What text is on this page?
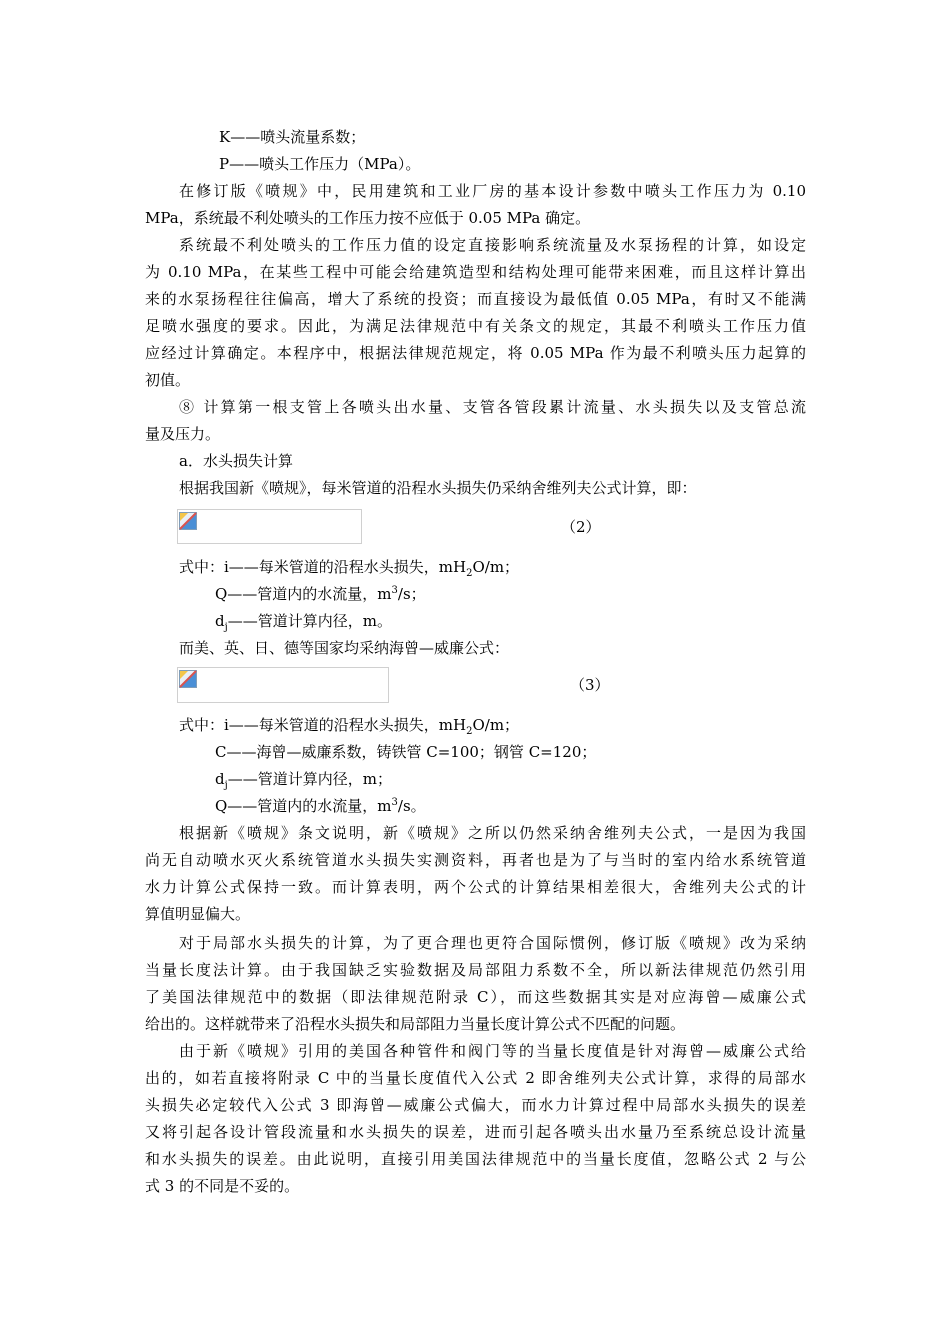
K——喷头流量系数；
P——喷头工作压力（MPa）。
在修订版《喷规》中，民用建筑和工业厂房的基本设计参数中喷头工作压力为 0.10
MPa，系统最不利处喷头的工作压力按不应低于 0.05 MPa 确定。
系统最不利处喷头的工作压力值的设定直接影响系统流量及水泵扬程的计算，如设定
为 0.10 MPa，在某些工程中可能会给建筑造型和结构处理可能带来困难，而且这样计算出
来的水泵扬程往往偏高，增大了系统的投资；而直接设为最低值 0.05 MPa，有时又不能满
足喷水强度的要求。因此，为满足法律规范中有关条文的规定，其最不利喷头工作压力值
应经过计算确定。本程序中，根据法律规范规定，将 0.05 MPa 作为最不利喷头压力起算的
初值。
⑧ 计算第一根支管上各喷头出水量、支管各管段累计流量、水头损失以及支管总流
量及压力。
a．水头损失计算
根据我国新《喷规》，每米管道的沿程水头损失仍采纳舍维列夫公式计算，即：
（2）
式中：i——每米管道的沿程水头损失，$mH_2O/m$；
Q——管道内的水流量，$m^3/s$；
$d_j——$管道计算内径，m。
而美、英、日、德等国家均采纳海曾—威廉公式：
（3）
式中：i——每米管道的沿程水头损失，$mH_2O/m$；
C——海曾—威廉系数，铸铁管 C=100；钢管 C=120；
$d_j——$管道计算内径，m；
Q——管道内的水流量，$m^3/s$。
根据新《喷规》条文说明，新《喷规》之所以仍然采纳舍维列夫公式，一是因为我国
尚无自动喷水灭火系统管道水头损失实测资料，再者也是为了与当时的室内给水系统管道
水力计算公式保持一致。而计算表明，两个公式的计算结果相差很大，舍维列夫公式的计
算值明显偏大。
对于局部水头损失的计算，为了更合理也更符合国际惯例，修订版《喷规》改为采纳
当量长度法计算。由于我国缺乏实验数据及局部阻力系数不全，所以新法律规范仍然引用
了美国法律规范中的数据（即法律规范附录 C），而这些数据其实是对应海曾—威廉公式
给出的。这样就带来了沿程水头损失和局部阻力当量长度计算公式不匹配的问题。
由于新《喷规》引用的美国各种管件和阀门等的当量长度值是针对海曾—威廉公式给
出的，如若直接将附录 C 中的当量长度值代入公式 2 即舍维列夫公式计算，求得的局部水
头损失必定较代入公式 3 即海曾—威廉公式偏大，而水力计算过程中局部水头损失的误差
又将引起各设计管段流量和水头损失的误差，进而引起各喷头出水量乃至系统总设计流量
和水头损失的误差。由此说明，直接引用美国法律规范中的当量长度值，忽略公式 2 与公
式 3 的不同是不妥的。
